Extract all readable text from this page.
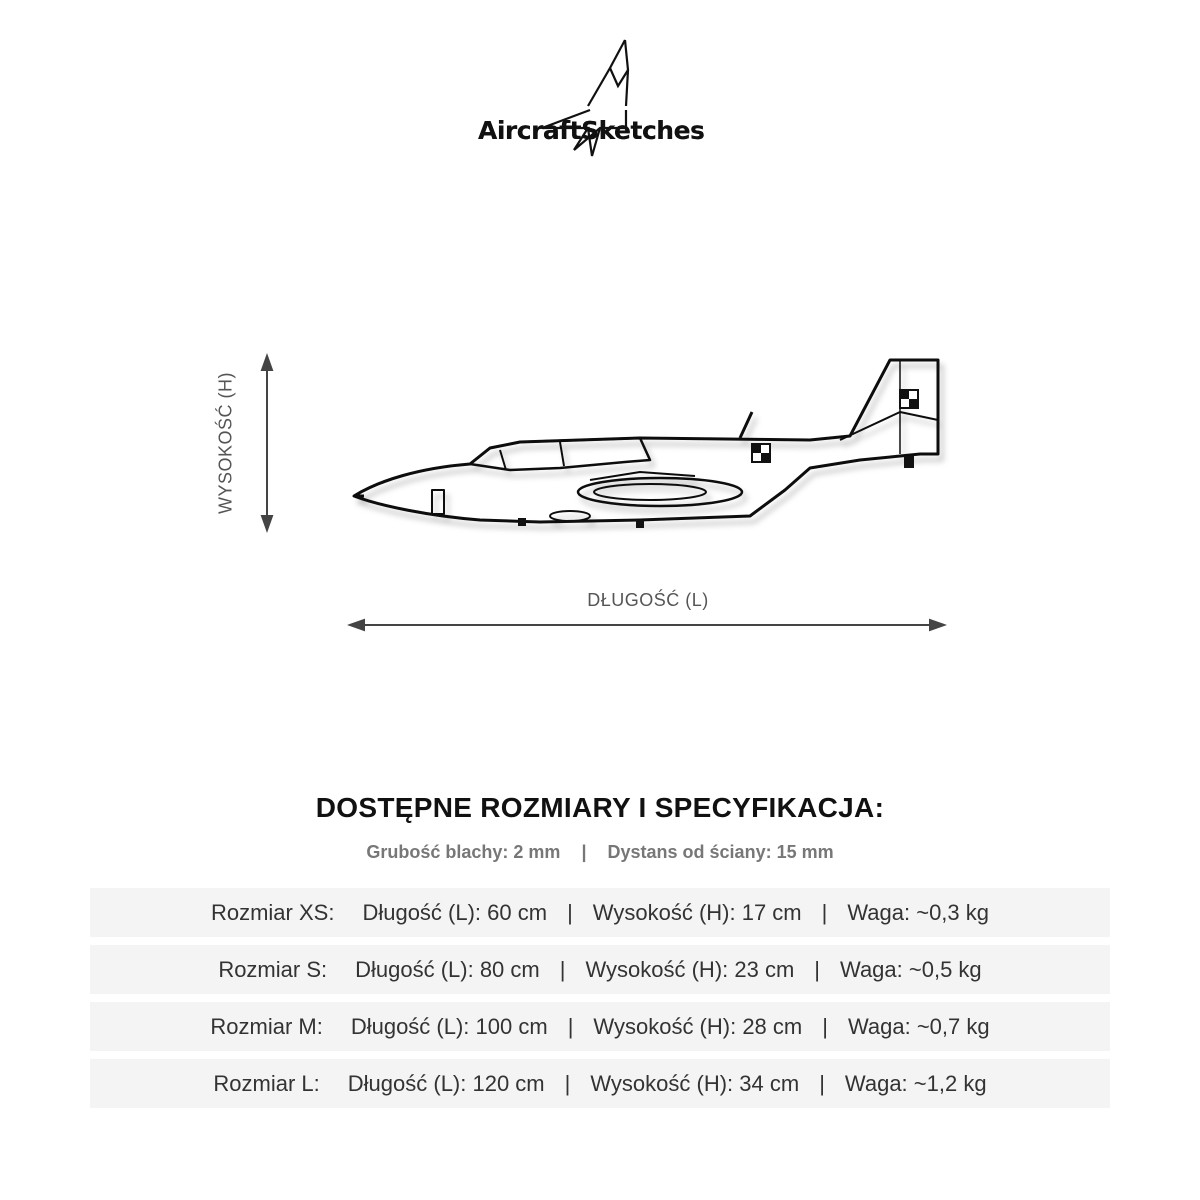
AircraftSketches
WYSOKOŚĆ (H)
DŁUGOŚĆ (L)
DOSTĘPNE ROZMIARY I SPECYFIKACJA:
Grubość blachy: 2 mm | Dystans od ściany: 15 mm
Rozmiar XS: Długość (L): 60 cm | Wysokość (H): 17 cm | Waga: ~0,3 kg
Rozmiar S: Długość (L): 80 cm | Wysokość (H): 23 cm | Waga: ~0,5 kg
Rozmiar M: Długość (L): 100 cm | Wysokość (H): 28 cm | Waga: ~0,7 kg
Rozmiar L: Długość (L): 120 cm | Wysokość (H): 34 cm | Waga: ~1,2 kg
